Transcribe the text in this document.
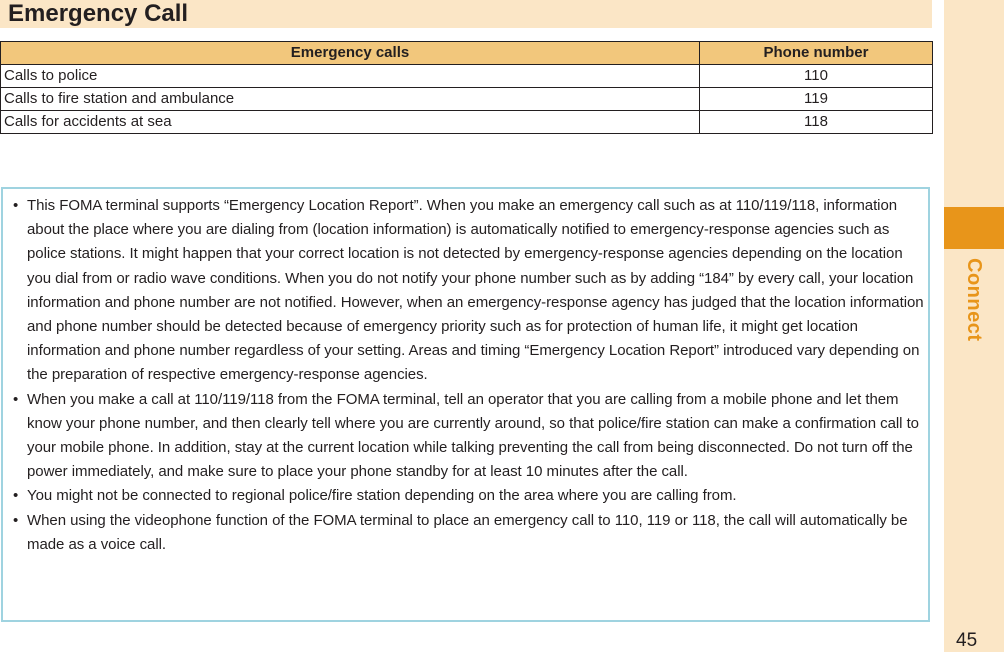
Emergency Call
Connect
45
Emergency calls	Phone number
Calls to police	110
Calls to fire station and ambulance	119
Calls for accidents at sea	118
• This FOMA terminal supports “Emergency Location Report”. When you make an emergency call such as at 110/119/118, information about the place where you are dialing from (location information) is automatically notified to emergency-response agencies such as police stations. It might happen that your correct location is not detected by emergency-response agencies depending on the location you dial from or radio wave conditions. When you do not notify your phone number such as by adding “184” by every call, your location information and phone number are not notified. However, when an emergency-response agency has judged that the location information and phone number should be detected because of emergency priority such as for protection of human life, it might get location information and phone number regardless of your setting. Areas and timing “Emergency Location Report” introduced vary depending on the preparation of respective emergency-response agencies.
• When you make a call at 110/119/118 from the FOMA terminal, tell an operator that you are calling from a mobile phone and let them know your phone number, and then clearly tell where you are currently around, so that police/fire station can make a confirmation call to your mobile phone. In addition, stay at the current location while talking preventing the call from being disconnected. Do not turn off the power immediately, and make sure to place your phone standby for at least 10 minutes after the call.
• You might not be connected to regional police/fire station depending on the area where you are calling from.
• When using the videophone function of the FOMA terminal to place an emergency call to 110, 119 or 118, the call will automatically be made as a voice call.
